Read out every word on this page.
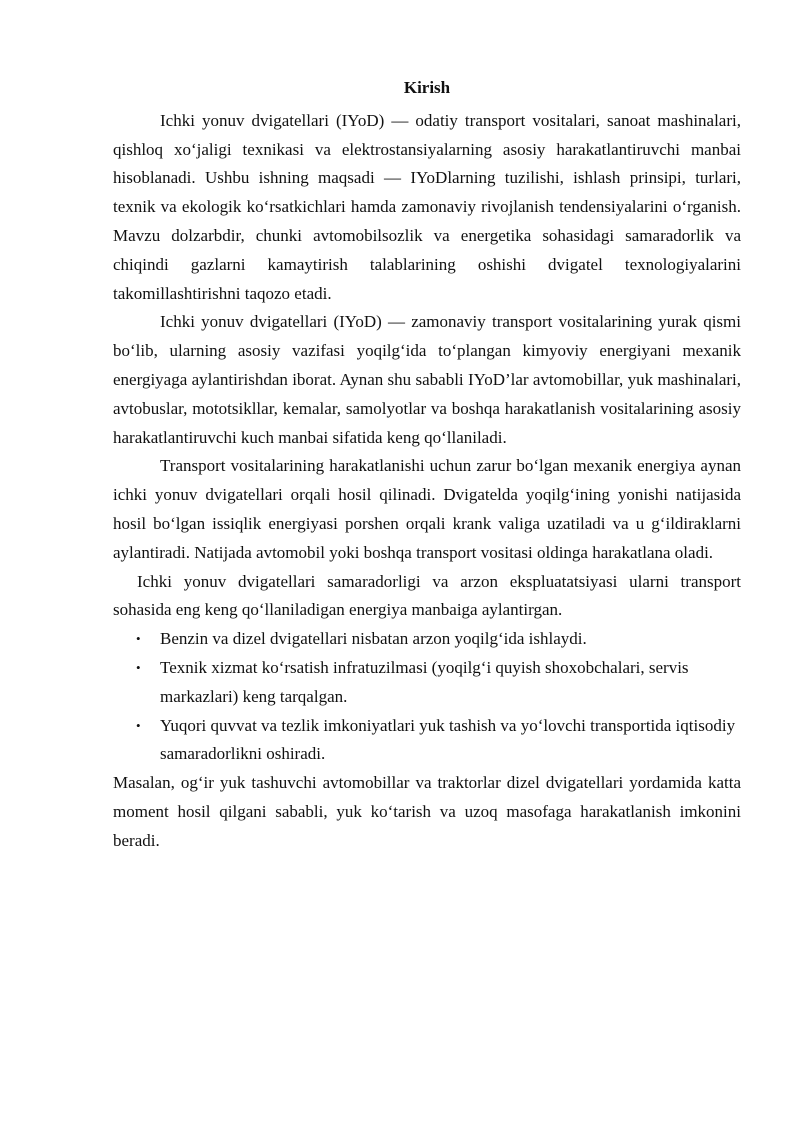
Kirish

Ichki yonuv dvigatellari (IYoD) — odatiy transport vositalari, sanoat mashinalari, qishloq xo‘jaligi texnikasi va elektrostansiyalarning asosiy harakatlantiruvchi manbai hisoblanadi. Ushbu ishning maqsadi — IYoDlarning tuzilishi, ishlash prinsipi, turlari, texnik va ekologik ko‘rsatkichlari hamda zamonaviy rivojlanish tendensiyalarini o‘rganish. Mavzu dolzarbdir, chunki avtomobilsozlik va energetika sohasidagi samaradorlik va chiqindi gazlarni kamaytirish talablarining oshishi dvigatel texnologiyalarini takomillashtirishni taqozo etadi.

Ichki yonuv dvigatellari (IYoD) — zamonaviy transport vositalarining yurak qismi bo‘lib, ularning asosiy vazifasi yoqilg‘ida to‘plangan kimyoviy energiyani mexanik energiyaga aylantirishdan iborat. Aynan shu sababli IYoD’lar avtomobillar, yuk mashinalari, avtobuslar, mototsikllar, kemalar, samolyotlar va boshqa harakatlanish vositalarining asosiy harakatlantiruvchi kuch manbai sifatida keng qo‘llaniladi.

Transport vositalarining harakatlanishi uchun zarur bo‘lgan mexanik energiya aynan ichki yonuv dvigatellari orqali hosil qilinadi. Dvigatelda yoqilg‘ining yonishi natijasida hosil bo‘lgan issiqlik energiyasi porshen orqali krank valiga uzatiladi va u g‘ildiraklarni aylantiradi. Natijada avtomobil yoki boshqa transport vositasi oldinga harakatlana oladi.

Ichki yonuv dvigatellari samaradorligi va arzon ekspluatatsiyasi ularni transport sohasida eng keng qo‘llaniladigan energiya manbaiga aylantirgan.

• Benzin va dizel dvigatellari nisbatan arzon yoqilg‘ida ishlaydi.
• Texnik xizmat ko‘rsatish infratuzilmasi (yoqilg‘i quyish shoxobchalari, servis markazlari) keng tarqalgan.
• Yuqori quvvat va tezlik imkoniyatlari yuk tashish va yo‘lovchi transportida iqtisodiy samaradorlikni oshiradi.

Masalan, og‘ir yuk tashuvchi avtomobillar va traktorlar dizel dvigatellari yordamida katta moment hosil qilgani sababli, yuk ko‘tarish va uzoq masofaga harakatlanish imkonini beradi.
